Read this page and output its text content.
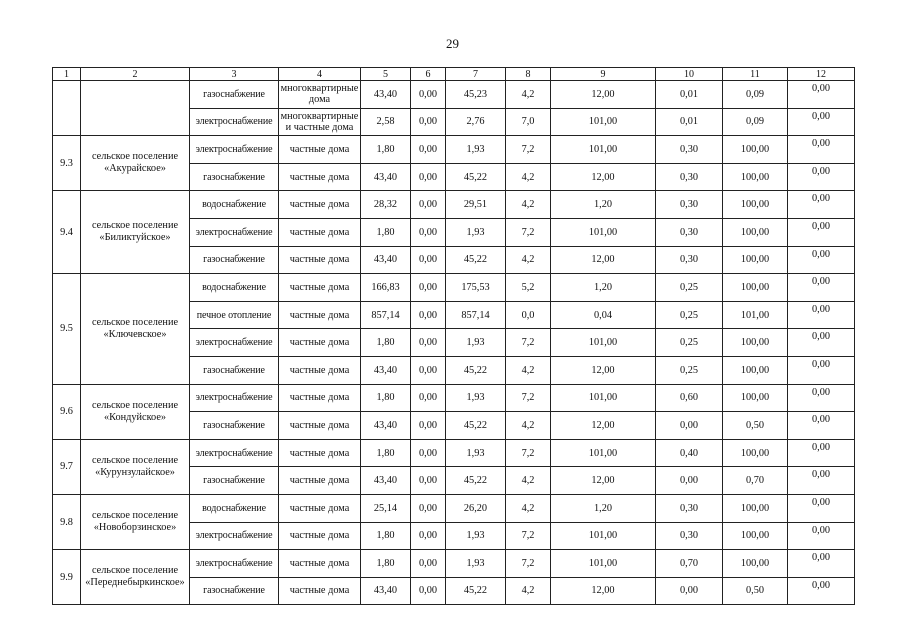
29
1	2	3	4	5	6	7	8	9	10	11	12
		газоснабжение	многоквартирные дома	43,40	0,00	45,23	4,2	12,00	0,01	0,09	0,00
		электроснабжение	многоквартирные и частные дома	2,58	0,00	2,76	7,0	101,00	0,01	0,09	0,00
9.3	сельское поселение «Акурайское»	электроснабжение	частные дома	1,80	0,00	1,93	7,2	101,00	0,30	100,00	0,00
		газоснабжение	частные дома	43,40	0,00	45,22	4,2	12,00	0,30	100,00	0,00
9.4	сельское поселение «Биликтуйское»	водоснабжение	частные дома	28,32	0,00	29,51	4,2	1,20	0,30	100,00	0,00
		электроснабжение	частные дома	1,80	0,00	1,93	7,2	101,00	0,30	100,00	0,00
		газоснабжение	частные дома	43,40	0,00	45,22	4,2	12,00	0,30	100,00	0,00
9.5	сельское поселение «Ключевское»	водоснабжение	частные дома	166,83	0,00	175,53	5,2	1,20	0,25	100,00	0,00
		печное отопление	частные дома	857,14	0,00	857,14	0,0	0,04	0,25	101,00	0,00
		электроснабжение	частные дома	1,80	0,00	1,93	7,2	101,00	0,25	100,00	0,00
		газоснабжение	частные дома	43,40	0,00	45,22	4,2	12,00	0,25	100,00	0,00
9.6	сельское поселение «Кондуйское»	электроснабжение	частные дома	1,80	0,00	1,93	7,2	101,00	0,60	100,00	0,00
		газоснабжение	частные дома	43,40	0,00	45,22	4,2	12,00	0,00	0,50	0,00
9.7	сельское поселение «Курунзулайское»	электроснабжение	частные дома	1,80	0,00	1,93	7,2	101,00	0,40	100,00	0,00
		газоснабжение	частные дома	43,40	0,00	45,22	4,2	12,00	0,00	0,70	0,00
9.8	сельское поселение «Новоборзинское»	водоснабжение	частные дома	25,14	0,00	26,20	4,2	1,20	0,30	100,00	0,00
		электроснабжение	частные дома	1,80	0,00	1,93	7,2	101,00	0,30	100,00	0,00
9.9	сельское поселение «Переднебыркинское»	электроснабжение	частные дома	1,80	0,00	1,93	7,2	101,00	0,70	100,00	0,00
		газоснабжение	частные дома	43,40	0,00	45,22	4,2	12,00	0,00	0,50	0,00
